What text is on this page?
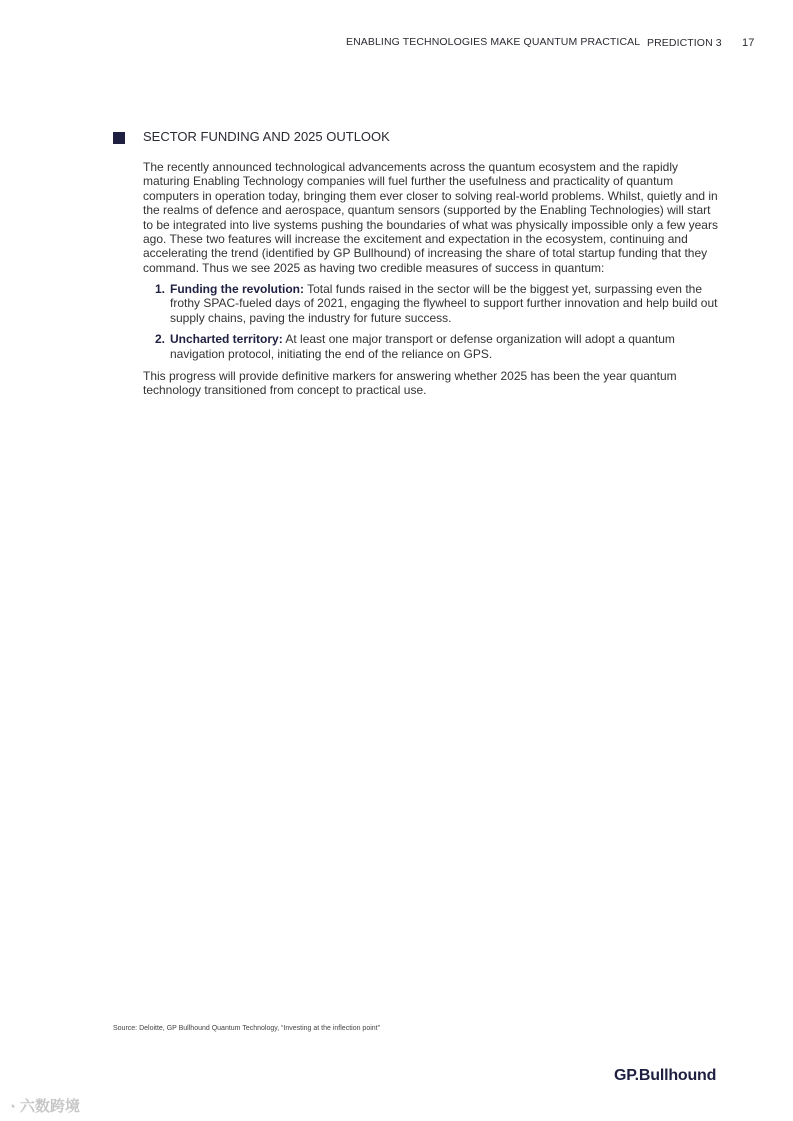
ENABLING TECHNOLOGIES MAKE QUANTUM PRACTICAL PREDICTION 3 17
SECTOR FUNDING AND 2025 OUTLOOK

The recently announced technological advancements across the quantum ecosystem and the rapidly maturing Enabling Technology companies will fuel further the usefulness and practicality of quantum computers in operation today, bringing them ever closer to solving real-world problems. Whilst, quietly and in the realms of defence and aerospace, quantum sensors (supported by the Enabling Technologies) will start to be integrated into live systems pushing the boundaries of what was physically impossible only a few years ago. These two features will increase the excitement and expectation in the ecosystem, continuing and accelerating the trend (identified by GP Bullhound) of increasing the share of total startup funding that they command. Thus we see 2025 as having two credible measures of success in quantum:

1. Funding the revolution: Total funds raised in the sector will be the biggest yet, surpassing even the frothy SPAC-fueled days of 2021, engaging the flywheel to support further innovation and help build out supply chains, paving the industry for future success.
2. Uncharted territory: At least one major transport or defense organization will adopt a quantum navigation protocol, initiating the end of the reliance on GPS.

This progress will provide definitive markers for answering whether 2025 has been the year quantum technology transitioned from concept to practical use.

Source: Deloitte, GP Bullhound Quantum Technology, “Investing at the inflection point”
GP.Bullhound
◔ 六数跨境
